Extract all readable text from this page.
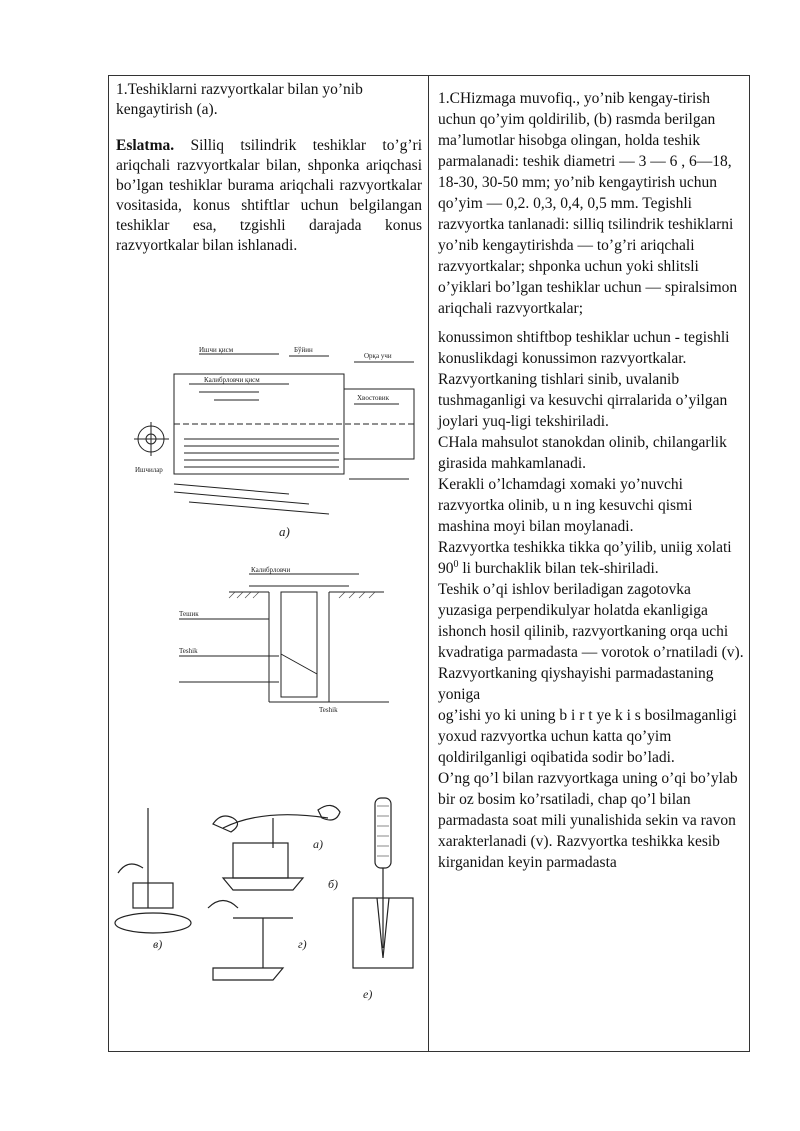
1.Teshiklarni razvyortkalar bilan yo’nib kengaytirish (a).

Eslatma. Silliq tsilindrik teshiklar to’g’ri ariqchali razvyortkalar bilan, shponka ariqchasi bo’lgan teshiklar burama ariqchali razvyortkalar vositasida, konus shtiftlar uchun belgilangan teshiklar esa, tzgishli darajada konus razvyortkalar bilan ishlanadi.

Ишчи қисм	Бўйин
Орқа учи
Хвостовик
Калибрловчи қисм
Ишчилар
a)
Калибрловчи
Тешик
Teshik
Teshik
a)
б)
в)	г)
е)

1.CHizmaga muvofiq., yo’nib kengay-tirish uchun qo’yim qoldirilib, (b) rasmda berilgan ma’lumotlar hisobga olingan, holda teshik parmalanadi: teshik diametri — 3 — 6 , 6—18, 18-30, 30-50 mm; yo’nib kengaytirish uchun qo’yim — 0,2. 0,3, 0,4, 0,5 mm. Tegishli razvyortka tanlanadi: silliq tsilindrik teshiklarni yo’nib kengaytirishda — to’g’ri ariqchali razvyortkalar; shponka uchun yoki shlitsli o’yiklari bo’lgan teshiklar uchun — spiralsimon ariqchali razvyortkalar;

konussimon shtiftbop teshiklar uchun - tegishli konuslikdagi konussimon razvyortkalar.

Razvyortkaning tishlari sinib, uvalanib tushmaganligi va kesuvchi qirralarida o’yilgan joylari yuq-ligi tekshiriladi.

CHala mahsulot stanokdan olinib, chilangarlik girasida mahkamlanadi.

Kerakli o’lchamdagi xomaki yo’nuvchi razvyortka olinib, u n ing kesuvchi qismi mashina moyi bilan moylanadi.

Razvyortka teshikka tikka qo’yilib, uniig xolati $90^0$ li burchaklik bilan tek-shiriladi.

Teshik o’qi ishlov beriladigan zagotovka yuzasiga perpendikulyar holatda ekanligiga ishonch hosil qilinib, razvyortkaning orqa uchi kvadratiga parmadasta — vorotok o’rnatiladi (v).

Razvyortkaning qiyshayishi parmadastaning yoniga

og’ishi yo ki uning b i r t ye k i s bosilmaganligi yoxud razvyortka uchun katta qo’yim qoldirilganligi oqibatida sodir bo’ladi.

O’ng qo’l bilan razvyortkaga uning o’qi bo’ylab bir oz bosim ko’rsatiladi, chap qo’l bilan parmadasta soat mili yunalishida sekin va ravon xarakterlanadi (v). Razvyortka teshikka kesib kirganidan keyin parmadasta
